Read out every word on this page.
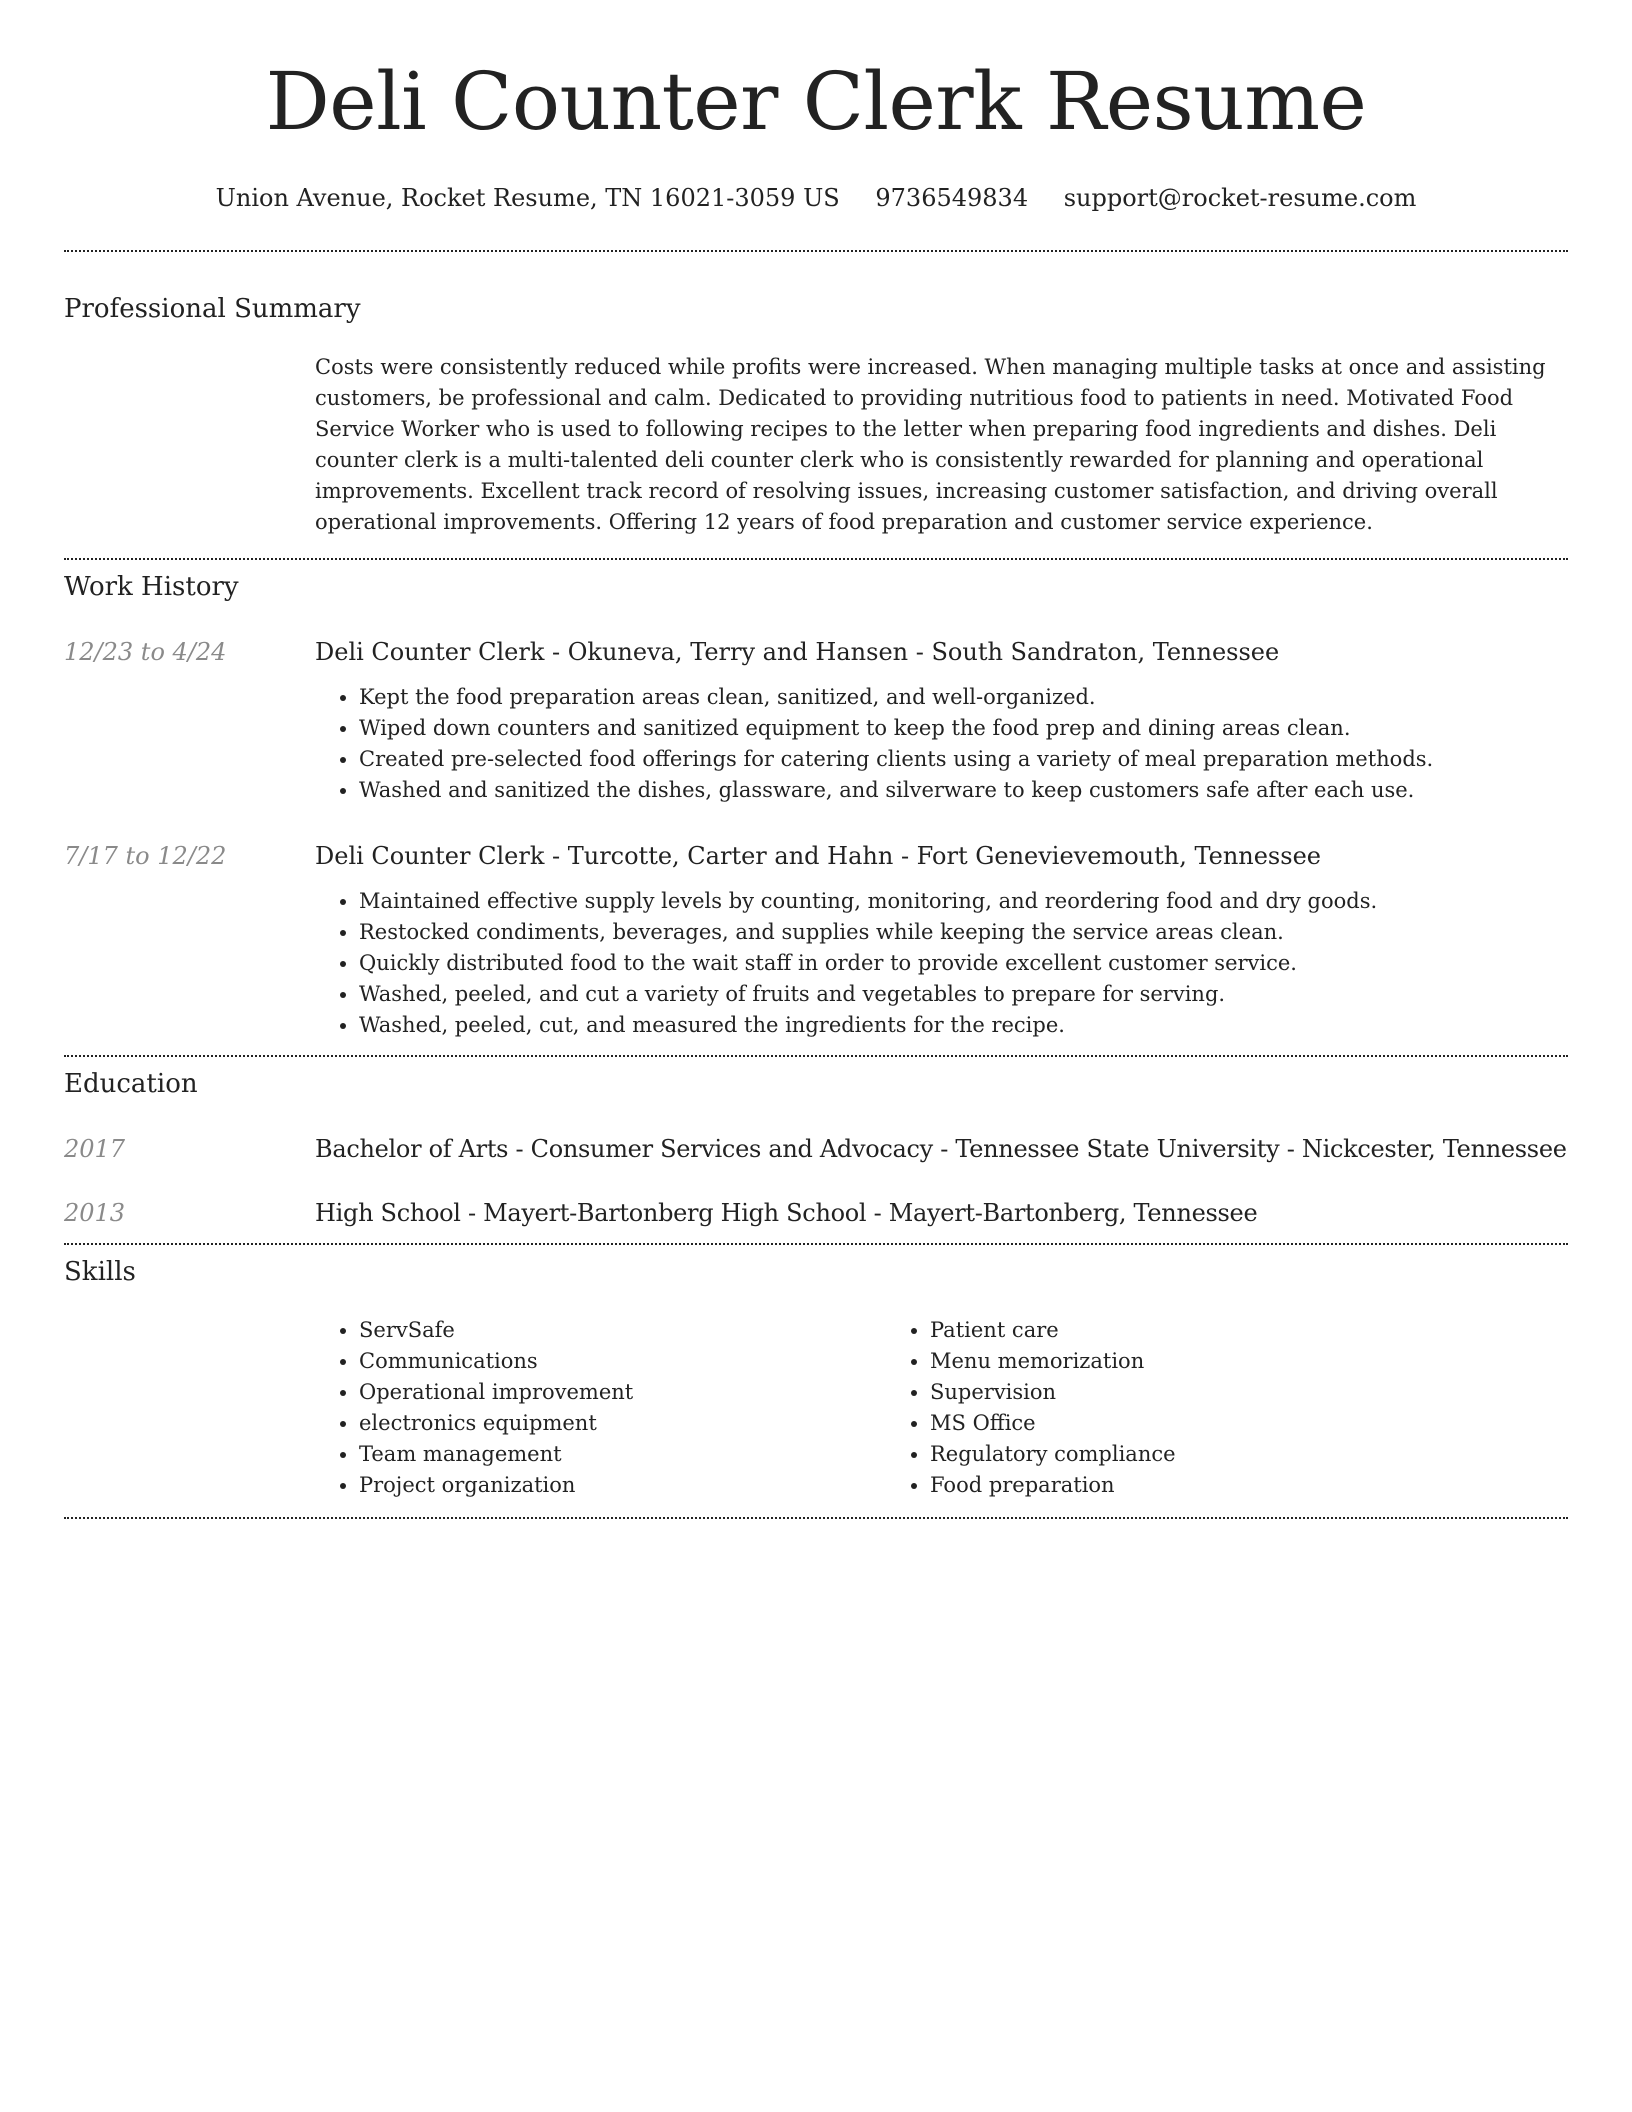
Deli Counter Clerk Resume
Union Avenue, Rocket Resume, TN 16021-3059 US 9736549834 support@rocket-resume.com
Professional Summary
Costs were consistently reduced while profits were increased. When managing multiple tasks at once and assisting customers, be professional and calm. Dedicated to providing nutritious food to patients in need. Motivated Food Service Worker who is used to following recipes to the letter when preparing food ingredients and dishes. Deli counter clerk is a multi-talented deli counter clerk who is consistently rewarded for planning and operational improvements. Excellent track record of resolving issues, increasing customer satisfaction, and driving overall operational improvements. Offering 12 years of food preparation and customer service experience.
Work History
12/23 to 4/24	Deli Counter Clerk - Okuneva, Terry and Hansen - South Sandraton, Tennessee
• Kept the food preparation areas clean, sanitized, and well-organized.
• Wiped down counters and sanitized equipment to keep the food prep and dining areas clean.
• Created pre-selected food offerings for catering clients using a variety of meal preparation methods.
• Washed and sanitized the dishes, glassware, and silverware to keep customers safe after each use.
7/17 to 12/22	Deli Counter Clerk - Turcotte, Carter and Hahn - Fort Genevievemouth, Tennessee
• Maintained effective supply levels by counting, monitoring, and reordering food and dry goods.
• Restocked condiments, beverages, and supplies while keeping the service areas clean.
• Quickly distributed food to the wait staff in order to provide excellent customer service.
• Washed, peeled, and cut a variety of fruits and vegetables to prepare for serving.
• Washed, peeled, cut, and measured the ingredients for the recipe.
Education
2017	Bachelor of Arts - Consumer Services and Advocacy - Tennessee State University - Nickcester, Tennessee
2013	High School - Mayert-Bartonberg High School - Mayert-Bartonberg, Tennessee
Skills
• ServSafe
• Communications
• Operational improvement
• electronics equipment
• Team management
• Project organization
• Patient care
• Menu memorization
• Supervision
• MS Office
• Regulatory compliance
• Food preparation
